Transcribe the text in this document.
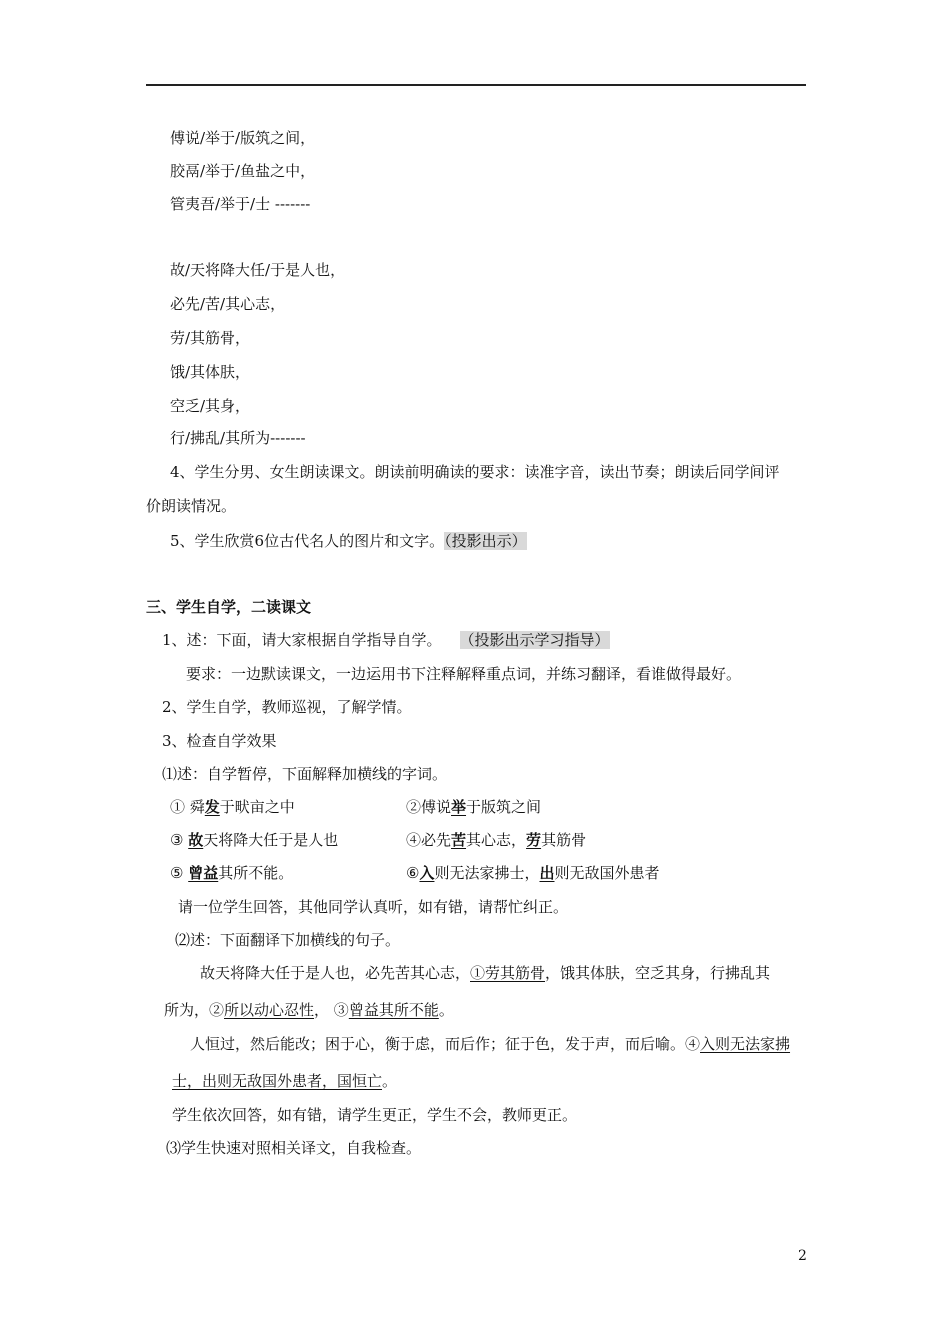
傅说/举于/版筑之间，
胶鬲/举于/鱼盐之中，
管夷吾/举于/士 -------
故/天将降大任/于是人也，
必先/苦/其心志，
劳/其筋骨，
饿/其体肤，
空乏/其身，
行/拂乱/其所为-------
4、学生分男、女生朗读课文。朗读前明确读的要求：读准字音，读出节奏；朗读后同学间评
价朗读情况。
5、学生欣赏6位古代名人的图片和文字。（投影出示）
三、学生自学，二读课文
1、述：下面，请大家根据自学指导自学。 （投影出示学习指导）
要求：一边默读课文，一边运用书下注释解释重点词，并练习翻译，看谁做得最好。
2、学生自学，教师巡视，了解学情。
3、检查自学效果
⑴述：自学暂停，下面解释加横线的字词。
① 舜发于畎亩之中	②傅说举于版筑之间
③ 故天将降大任于是人也	④必先苦其心志，劳其筋骨
⑤ 曾益其所不能。	⑥入则无法家拂士，出则无敌国外患者
请一位学生回答，其他同学认真听，如有错，请帮忙纠正。
⑵述：下面翻译下加横线的句子。
故天将降大任于是人也，必先苦其心志，①劳其筋骨，饿其体肤，空乏其身，行拂乱其
所为，②所以动心忍性， ③曾益其所不能。
人恒过，然后能改；困于心，衡于虑，而后作；征于色，发于声，而后喻。④入则无法家拂
士，出则无敌国外患者，国恒亡。
学生依次回答，如有错，请学生更正，学生不会，教师更正。
⑶学生快速对照相关译文，自我检查。
2
